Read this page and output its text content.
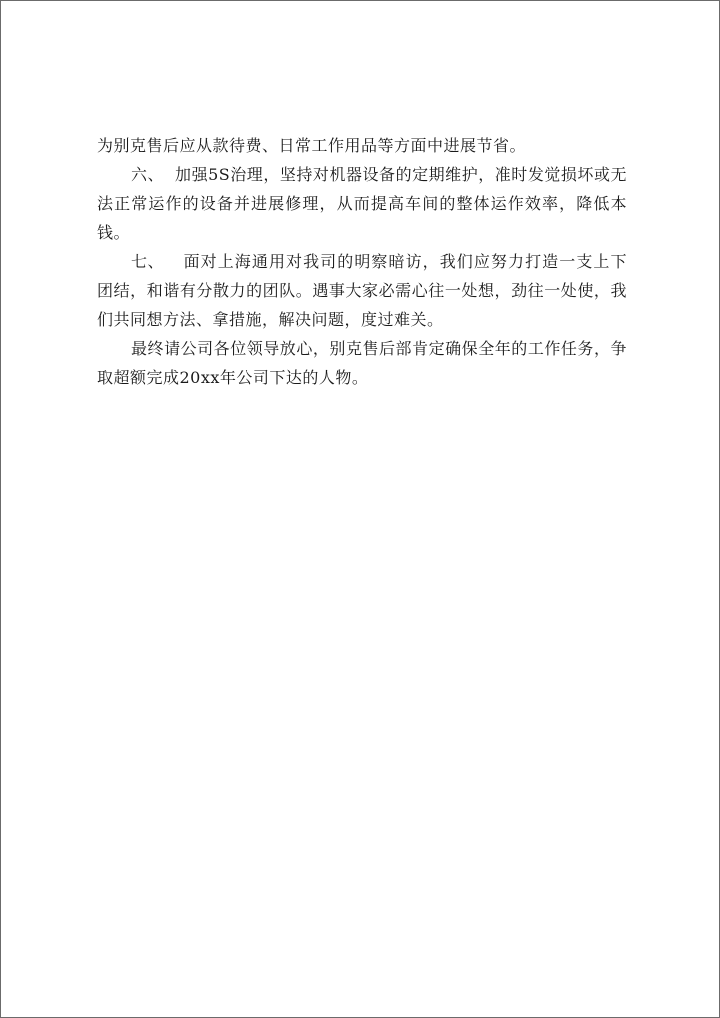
为别克售后应从款待费、日常工作用品等方面中进展节省。

六、 加强5S治理，坚持对机器设备的定期维护，准时发觉损坏或无法正常运作的设备并进展修理，从而提高车间的整体运作效率，降低本钱。

七、 面对上海通用对我司的明察暗访，我们应努力打造一支上下团结，和谐有分散力的团队。遇事大家必需心往一处想，劲往一处使，我们共同想方法、拿措施，解决问题，度过难关。

最终请公司各位领导放心，别克售后部肯定确保全年的工作任务，争取超额完成20xx年公司下达的人物。
